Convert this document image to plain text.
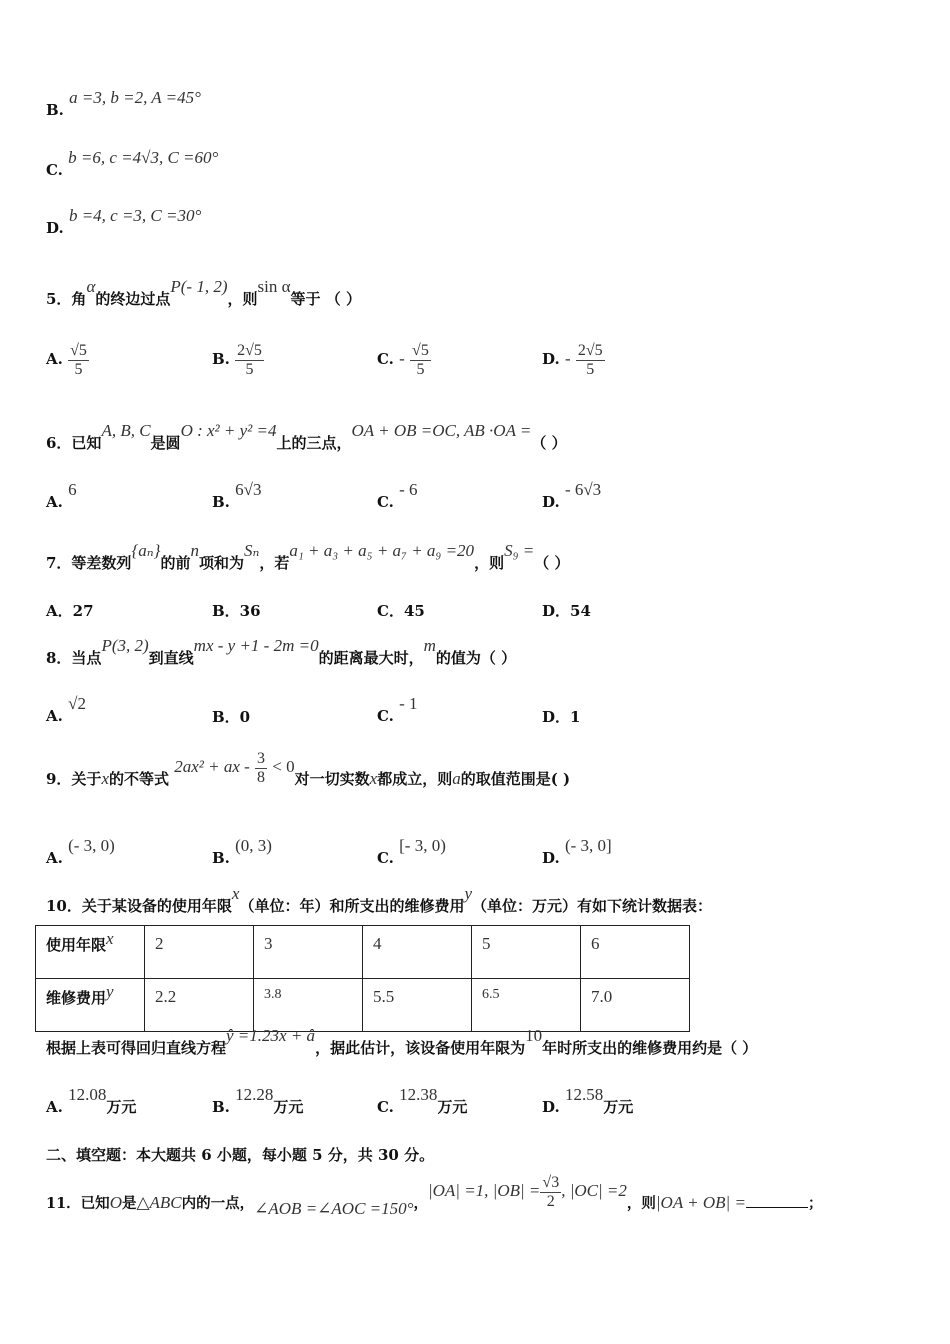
B. a =3, b =2, A =45°
C. b =6, c =4√3, C =60°
D. b =4, c =3, C =30°
5．角α的终边过点P(- 1, 2)，则sin α等于 （ ）
A. $\frac{√5}{5}$	B. $\frac{2√5}{5}$	C. - $\frac{√5}{5}$	D. - $\frac{2√5}{5}$
6．已知A, B, C是圆O : x² + y² =4上的三点，OA + OB =OC, AB ·OA =（ ）
A. 6
B. 6√3
C. - 6
D. - 6√3
7．等差数列{aₙ}的前n项和为Sₙ，若a₁ + a₃ + a₅ + a₇ + a₉ =20，则S₉ =（ ）
A．27	B．36	C．45	D．54
8．当点P(3, 2)到直线mx - y +1 - 2m =0的距离最大时，m的值为（ ）
A. √2
B．0	C. - 1
D．1
9．关于x的不等式 2ax² + ax - $\frac{3}{8} < 0$对一切实数x都成立，则a的取值范围是( )
A. (- 3, 0)
B. (0, 3)
C. [- 3, 0)
D. (- 3, 0]
10．关于某设备的使用年限x（单位：年）和所支出的维修费用y（单位：万元）有如下统计数据表：
使用年限x	2	3	4	5	6
维修费用y	2.2	3.8	5.5	6.5	7.0
根据上表可得回归直线方程ŷ =1.23x + â，据此估计，该设备使用年限为10年时所支出的维修费用约是（ ）
A. 12.08万元	B. 12.28万元	C. 12.38万元	D. 12.58万元
二、填空题：本大题共 6 小题，每小题 5 分，共 30 分。
11．已知O是△ABC内的一点，∠AOB =∠AOC =150°，|OA| =1, $|OB| = \frac{√3}{2}$ , |OC| =2，则|OA + OB| =	；
